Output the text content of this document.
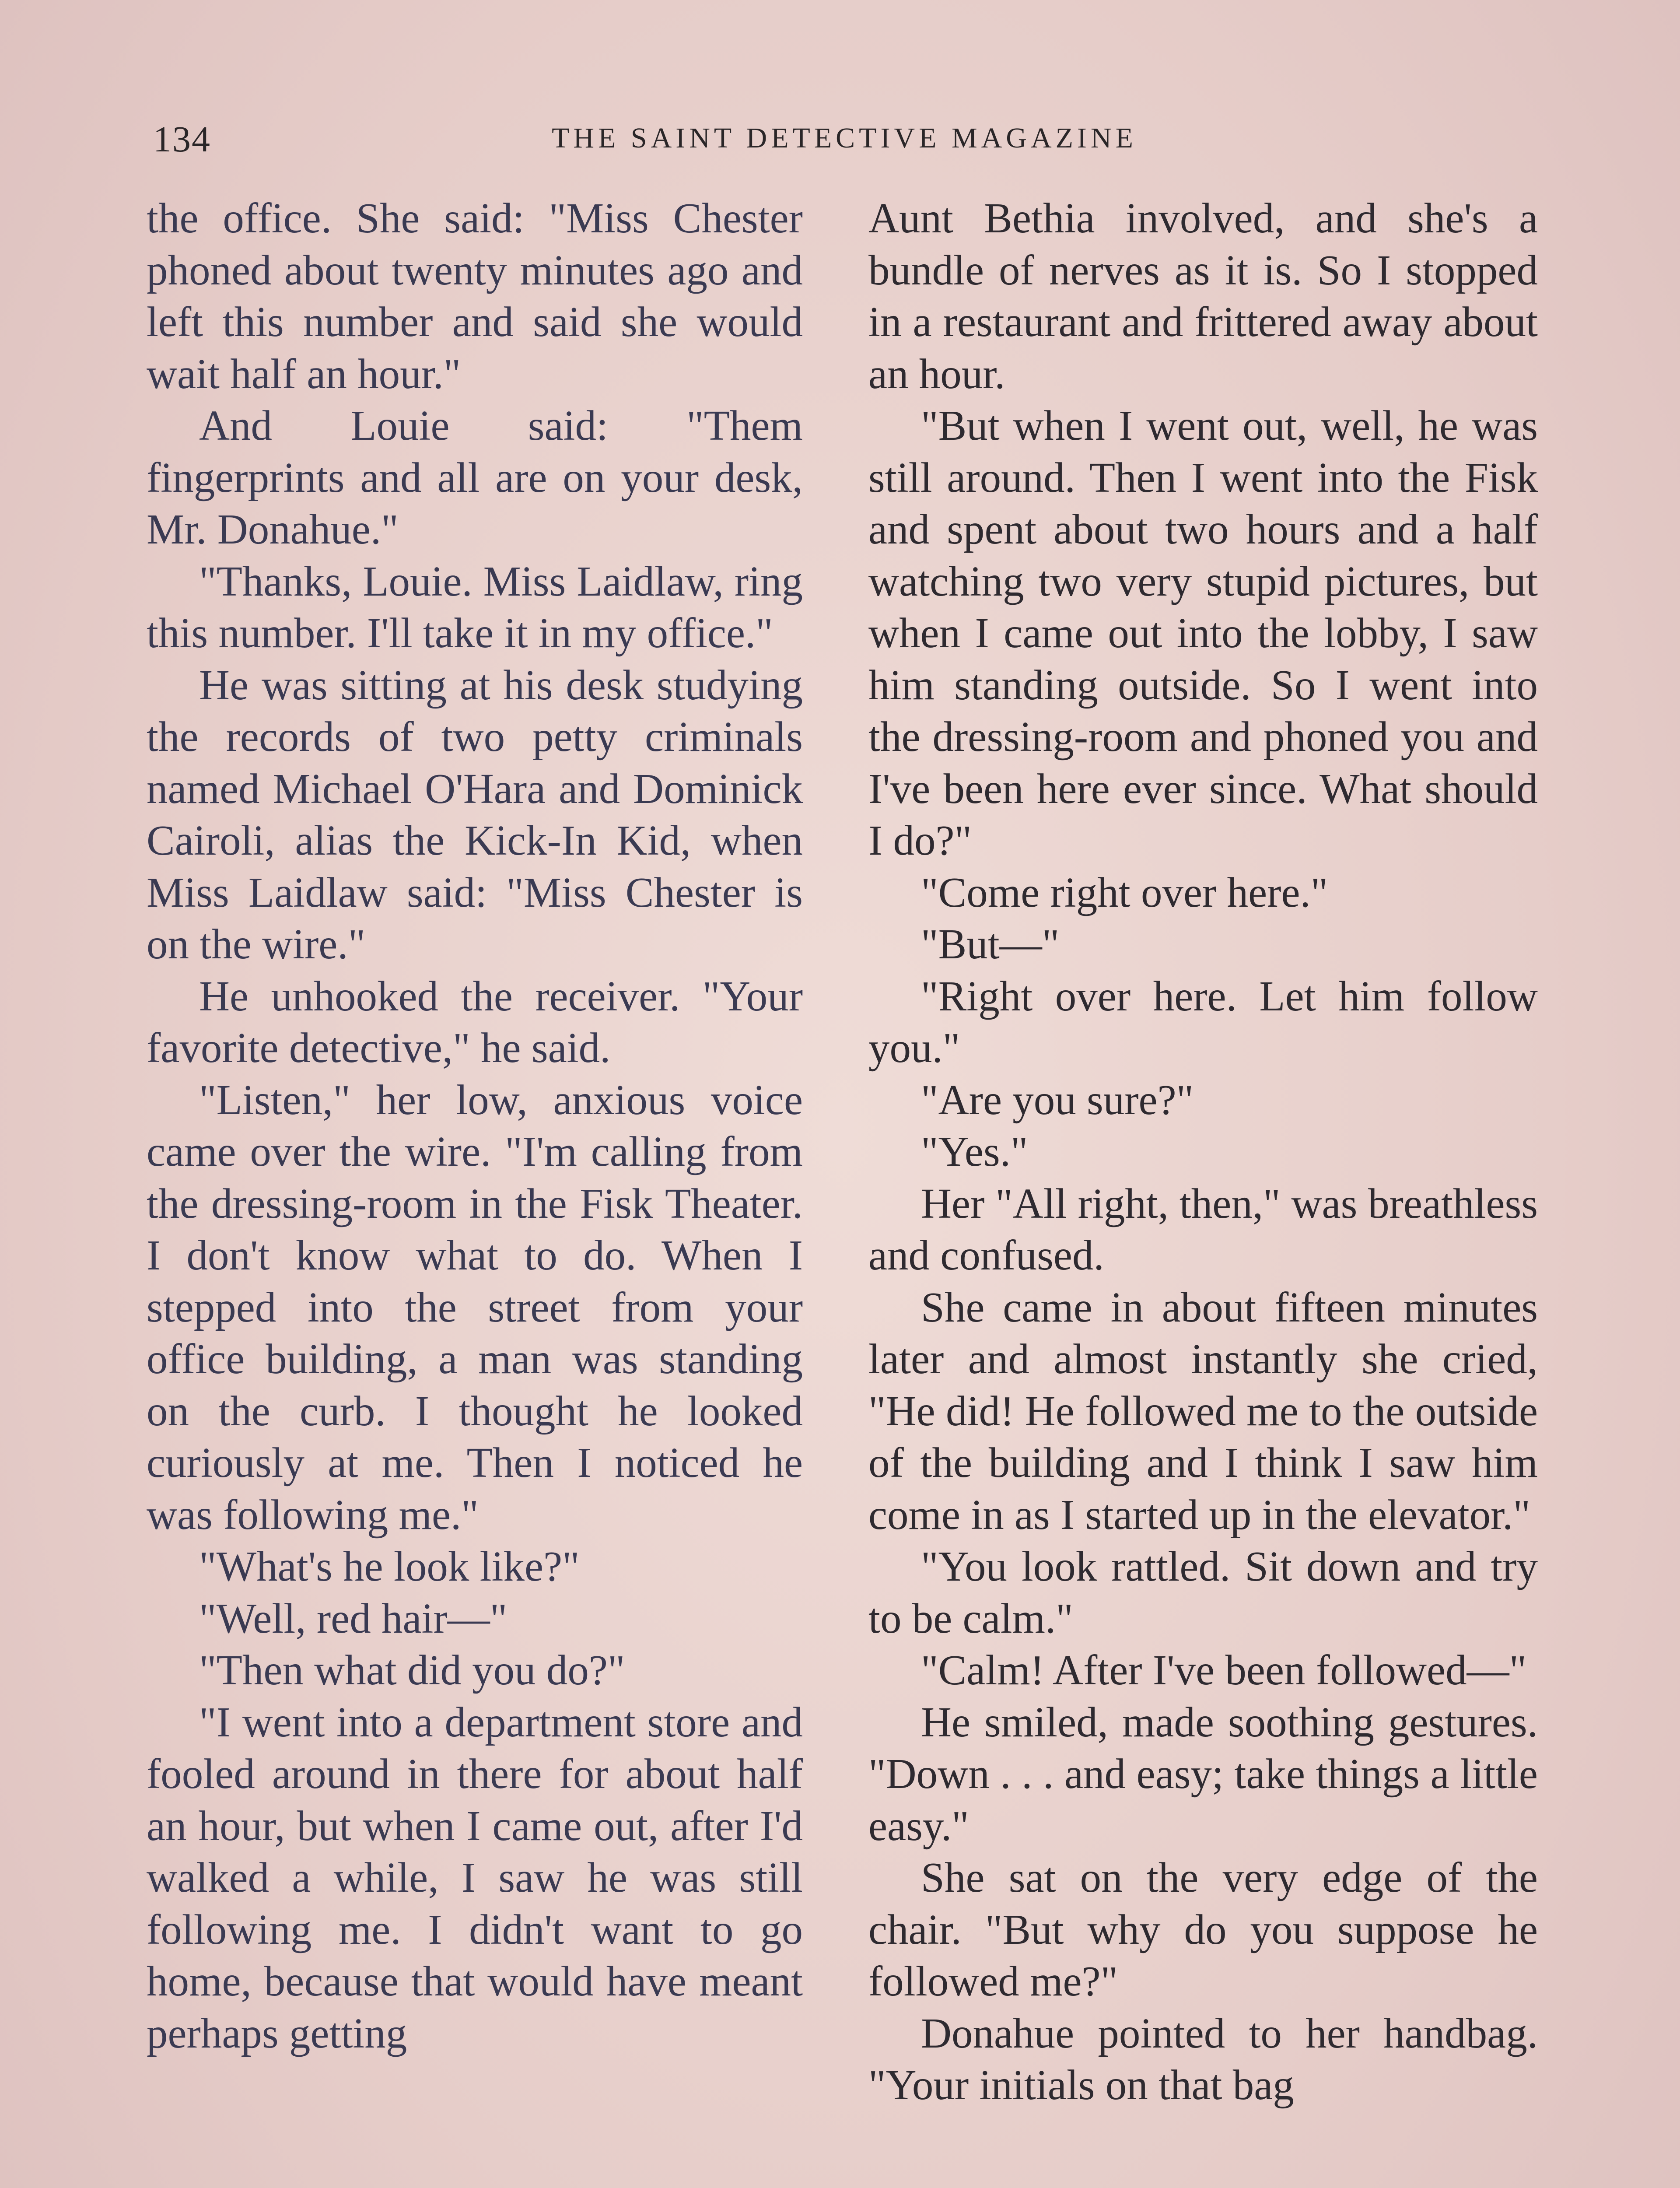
134	THE SAINT DETECTIVE MAGAZINE

the office. She said: "Miss Chester phoned about twenty minutes ago and left this number and said she would wait half an hour."

And Louie said: "Them fingerprints and all are on your desk, Mr. Donahue."

"Thanks, Louie. Miss Laidlaw, ring this number. I'll take it in my office."

He was sitting at his desk studying the records of two petty criminals named Michael O'Hara and Dominick Cairoli, alias the Kick-In Kid, when Miss Laidlaw said: "Miss Chester is on the wire."

He unhooked the receiver. "Your favorite detective," he said.

"Listen," her low, anxious voice came over the wire. "I'm calling from the dressing-room in the Fisk Theater. I don't know what to do. When I stepped into the street from your office building, a man was standing on the curb. I thought he looked curiously at me. Then I noticed he was following me."

"What's he look like?"

"Well, red hair—"

"Then what did you do?"

"I went into a department store and fooled around in there for about half an hour, but when I came out, after I'd walked a while, I saw he was still following me. I didn't want to go home, because that would have meant perhaps getting

Aunt Bethia involved, and she's a bundle of nerves as it is. So I stopped in a restaurant and frittered away about an hour.

"But when I went out, well, he was still around. Then I went into the Fisk and spent about two hours and a half watching two very stupid pictures, but when I came out into the lobby, I saw him standing outside. So I went into the dressing-room and phoned you and I've been here ever since. What should I do?"

"Come right over here."

"But—"

"Right over here. Let him follow you."

"Are you sure?"

"Yes."

Her "All right, then," was breathless and confused.

She came in about fifteen minutes later and almost instantly she cried, "He did! He followed me to the outside of the building and I think I saw him come in as I started up in the elevator."

"You look rattled. Sit down and try to be calm."

"Calm! After I've been followed—"

He smiled, made soothing gestures. "Down . . . and easy; take things a little easy."

She sat on the very edge of the chair. "But why do you suppose he followed me?"

Donahue pointed to her handbag. "Your initials on that bag
